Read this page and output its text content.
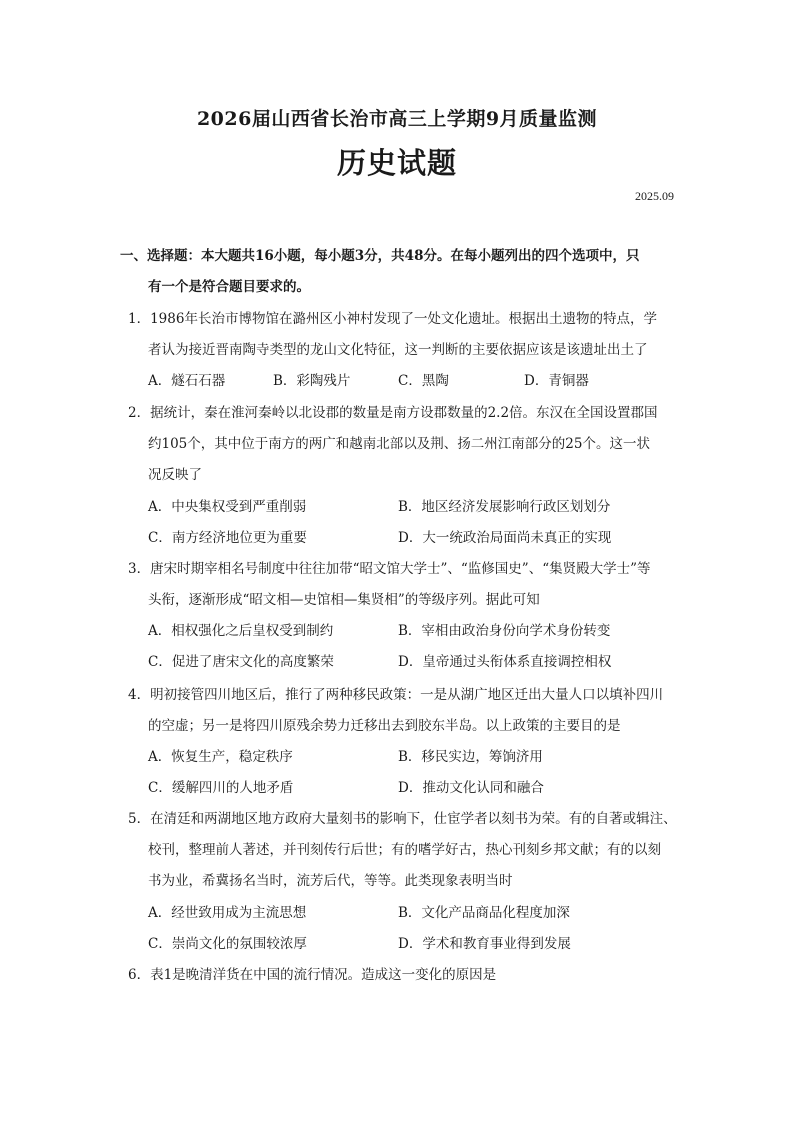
2026届山西省长治市高三上学期9月质量监测
历史试题
2025.09
一、选择题：本大题共16小题，每小题3分，共48分。在每小题列出的四个选项中，只
有一个是符合题目要求的。
1．1986年长治市博物馆在潞州区小神村发现了一处文化遗址。根据出土遗物的特点，学
者认为接近晋南陶寺类型的龙山文化特征，这一判断的主要依据应该是该遗址出土了
A．燧石石器	B．彩陶残片	C．黑陶	D．青铜器
2．据统计，秦在淮河秦岭以北设郡的数量是南方设郡数量的2.2倍。东汉在全国设置郡国
约105个，其中位于南方的两广和越南北部以及荆、扬二州江南部分的25个。这一状
况反映了
A．中央集权受到严重削弱	B．地区经济发展影响行政区划划分
C．南方经济地位更为重要	D．大一统政治局面尚未真正的实现
3．唐宋时期宰相名号制度中往往加带“昭文馆大学士”、“监修国史”、“集贤殿大学士”等
头衔，逐渐形成“昭文相—史馆相—集贤相”的等级序列。据此可知
A．相权强化之后皇权受到制约	B．宰相由政治身份向学术身份转变
C．促进了唐宋文化的高度繁荣	D．皇帝通过头衔体系直接调控相权
4．明初接管四川地区后，推行了两种移民政策：一是从湖广地区迁出大量人口以填补四川
的空虚；另一是将四川原残余势力迁移出去到胶东半岛。以上政策的主要目的是
A．恢复生产，稳定秩序	B．移民实边，筹饷济用
C．缓解四川的人地矛盾	D．推动文化认同和融合
5．在清廷和两湖地区地方政府大量刻书的影响下，仕宦学者以刻书为荣。有的自著或辑注、
校刊，整理前人著述，并刊刻传行后世；有的嗜学好古，热心刊刻乡邦文献；有的以刻
书为业，希冀扬名当时，流芳后代，等等。此类现象表明当时
A．经世致用成为主流思想	B．文化产品商品化程度加深
C．崇尚文化的氛围较浓厚	D．学术和教育事业得到发展
6．表1是晚清洋货在中国的流行情况。造成这一变化的原因是
